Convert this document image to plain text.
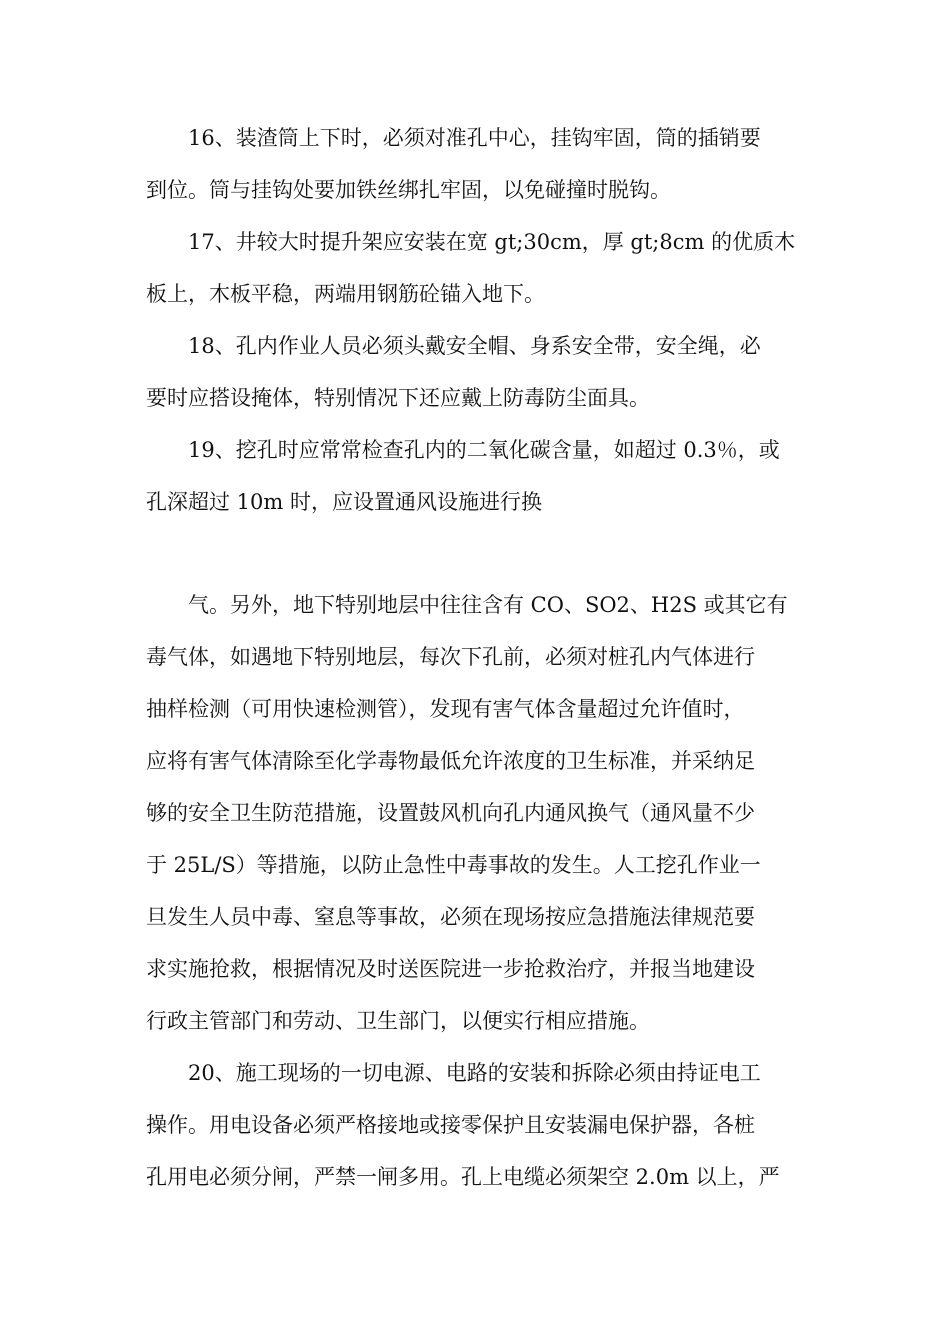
16、装渣筒上下时，必须对准孔中心，挂钩牢固，筒的插销要

到位。筒与挂钩处要加铁丝绑扎牢固，以免碰撞时脱钩。

17、井较大时提升架应安装在宽 gt;30cm，厚 gt;8cm 的优质木

板上，木板平稳，两端用钢筋砼锚入地下。

18、孔内作业人员必须头戴安全帽、身系安全带，安全绳，必

要时应搭设掩体，特别情况下还应戴上防毒防尘面具。

19、挖孔时应常常检查孔内的二氧化碳含量，如超过 0.3％，或

孔深超过 10m 时，应设置通风设施进行换

气。另外，地下特别地层中往往含有 CO、SO2、H2S 或其它有

毒气体，如遇地下特别地层，每次下孔前，必须对桩孔内气体进行

抽样检测（可用快速检测管），发现有害气体含量超过允许值时，

应将有害气体清除至化学毒物最低允许浓度的卫生标准，并采纳足

够的安全卫生防范措施，设置鼓风机向孔内通风换气（通风量不少

于 25L/S）等措施，以防止急性中毒事故的发生。人工挖孔作业一

旦发生人员中毒、窒息等事故，必须在现场按应急措施法律规范要

求实施抢救，根据情况及时送医院进一步抢救治疗，并报当地建设

行政主管部门和劳动、卫生部门，以便实行相应措施。

20、施工现场的一切电源、电路的安装和拆除必须由持证电工

操作。用电设备必须严格接地或接零保护且安装漏电保护器，各桩

孔用电必须分闸，严禁一闸多用。孔上电缆必须架空 2.0m 以上，严
